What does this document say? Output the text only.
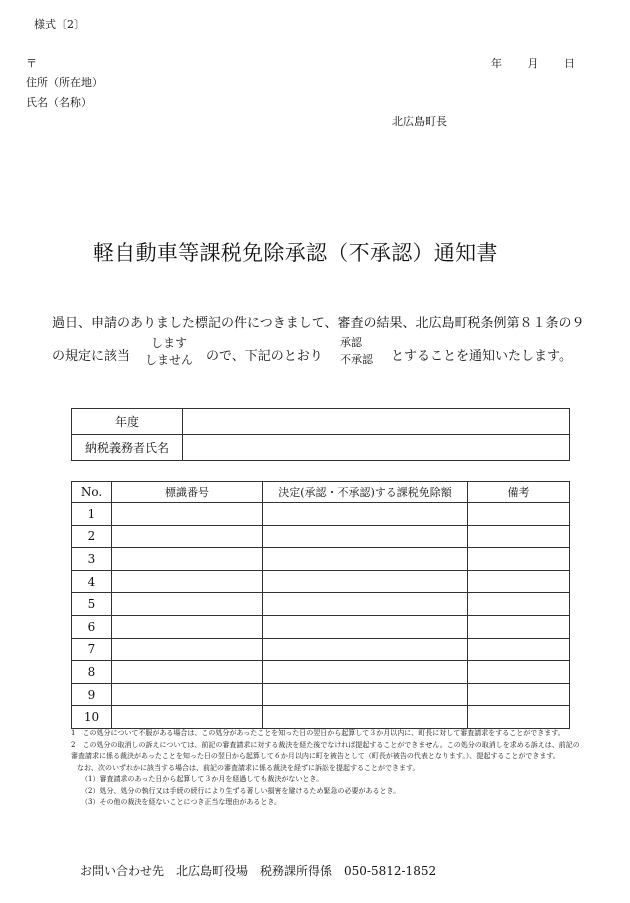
様式〔2〕
〒
住所（所在地）
氏名（名称）
年 月 日
北広島町長
軽自動車等課税免除承認（不承認）通知書
過日、申請のありました標記の件につきまして、審査の結果、北広島町税条例第８１条の９
の規定に該当
します
しません ので、下記のとおり
承認
不承認 とすることを通知いたします。
年度	
納税義務者氏名	
No.	標識番号	決定(承認・不承認)する課税免除額	備考
1			
2			
3			
4			
5			
6			
7			
8			
9			
10			
1　この処分について不服がある場合は、この処分があったことを知った日の翌日から起算して３か月以内に、町長に対して審査請求をすることができます。
2　この処分の取消しの訴えについては、前記の審査請求に対する裁決を経た後でなければ提起することができません。この処分の取消しを求める訴えは、前記の審査請求に係る裁決があったことを知った日の翌日から起算して６か月以内に町を被告として（町長が被告の代表となります。）、提起することができます。
なお、次のいずれかに該当する場合は、前記の審査請求に係る裁決を経ずに訴訟を提起することができます。
（1）審査請求のあった日から起算して３か月を経過しても裁決がないとき。
（2）処分、処分の執行又は手続の続行により生ずる著しい損害を避けるため緊急の必要があるとき。
（3）その他の裁決を経ないことにつき正当な理由があるとき。
お問い合わせ先　北広島町役場　税務課所得係　050-5812-1852
